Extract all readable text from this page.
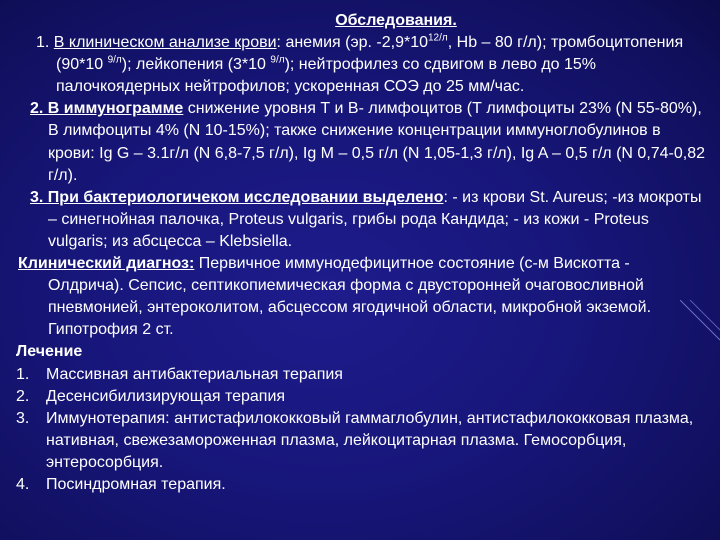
Обследования.

1. В клиническом анализе крови: анемия (эр. $-2,9*10^{12/л}$, Hb – 80 г/л); тромбоцитопения (90*10 $^{9/л}$); лейкопения (3*10 $^{9/л}$); нейтрофилез со сдвигом в лево до 15% палочкоядерных нейтрофилов; ускоренная СОЭ до 25 мм/час.

2. В иммунограмме снижение уровня Т и В- лимфоцитов (Т лимфоциты 23% (N 55-80%), В лимфоциты 4% (N 10-15%); также снижение концентрации иммуноглобулинов в крови: Ig G – 3.1г/л (N 6,8-7,5 г/л), Ig M – 0,5 г/л (N 1,05-1,3 г/л), Ig A – 0,5 г/л (N 0,74-0,82 г/л).

3. При бактериологичеком исследовании выделено: - из крови St. Aureus; -из мокроты – синегнойная палочка, Proteus vulgaris, грибы рода Кандида; - из кожи - Proteus vulgaris; из абсцесса – Klebsiella.

Клинический диагноз: Первичное иммунодефицитное состояние (с-м Вискотта - Олдрича). Сепсис, септикопиемическая форма с двусторонней очаговосливной пневмонией, энтероколитом, абсцессом ягодичной области, микробной экземой. Гипотрофия 2 ст.

Лечение
1. Массивная антибактериальная терапия
2. Десенсибилизирующая терапия
3. Иммунотерапия: антистафилококковый гаммаглобулин, антистафилококковая плазма, нативная, свежезамороженная плазма, лейкоцитарная плазма. Гемосорбция, энтеросорбция.
4. Посиндромная терапия.
